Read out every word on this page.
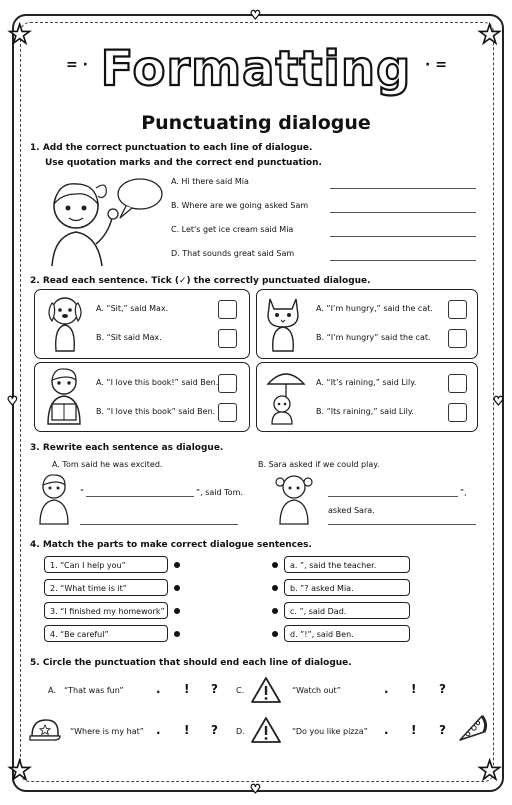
★	★
★	★
♥
♥
♥	♥
= ·	· =
Formatting
Punctuating dialogue
1. Add the correct punctuation to each line of dialogue.
Use quotation marks and the correct end punctuation.
A. Hi there said Mia
B. Where are we going asked Sam
C. Let's get ice cream said Mia
D. That sounds great said Sam
2. Read each sentence. Tick (✓) the correctly punctuated dialogue.
A. “Sit,” said Max.
B. “Sit said Max.
A. “I’m hungry,” said the cat.
B. “I’m hungry” said the cat.
A. “I love this book!” said Ben.
B. “I love this book” said Ben.
A. “It’s raining,” said Lily.
B. “Its raining,” said Lily.
3. Rewrite each sentence as dialogue.
A. Tom said he was excited.	B. Sara asked if we could play.
“	”, said Tom.	”,
asked Sara.
4. Match the parts to make correct dialogue sentences.
1. “Can I help you”
2. “What time is it”
3. “I finished my homework”
4. “Be careful”
a. ”, said the teacher.
b. ”? asked Mia.
c. ”, said Dad.
d. ”!”, said Ben.
5. Circle the punctuation that should end each line of dialogue.
A. “That was fun”	. ! ? C.	“Watch out”	. ! ?
“Where is my hat” . ! ? D.	“Do you like pizza” . ! ?
